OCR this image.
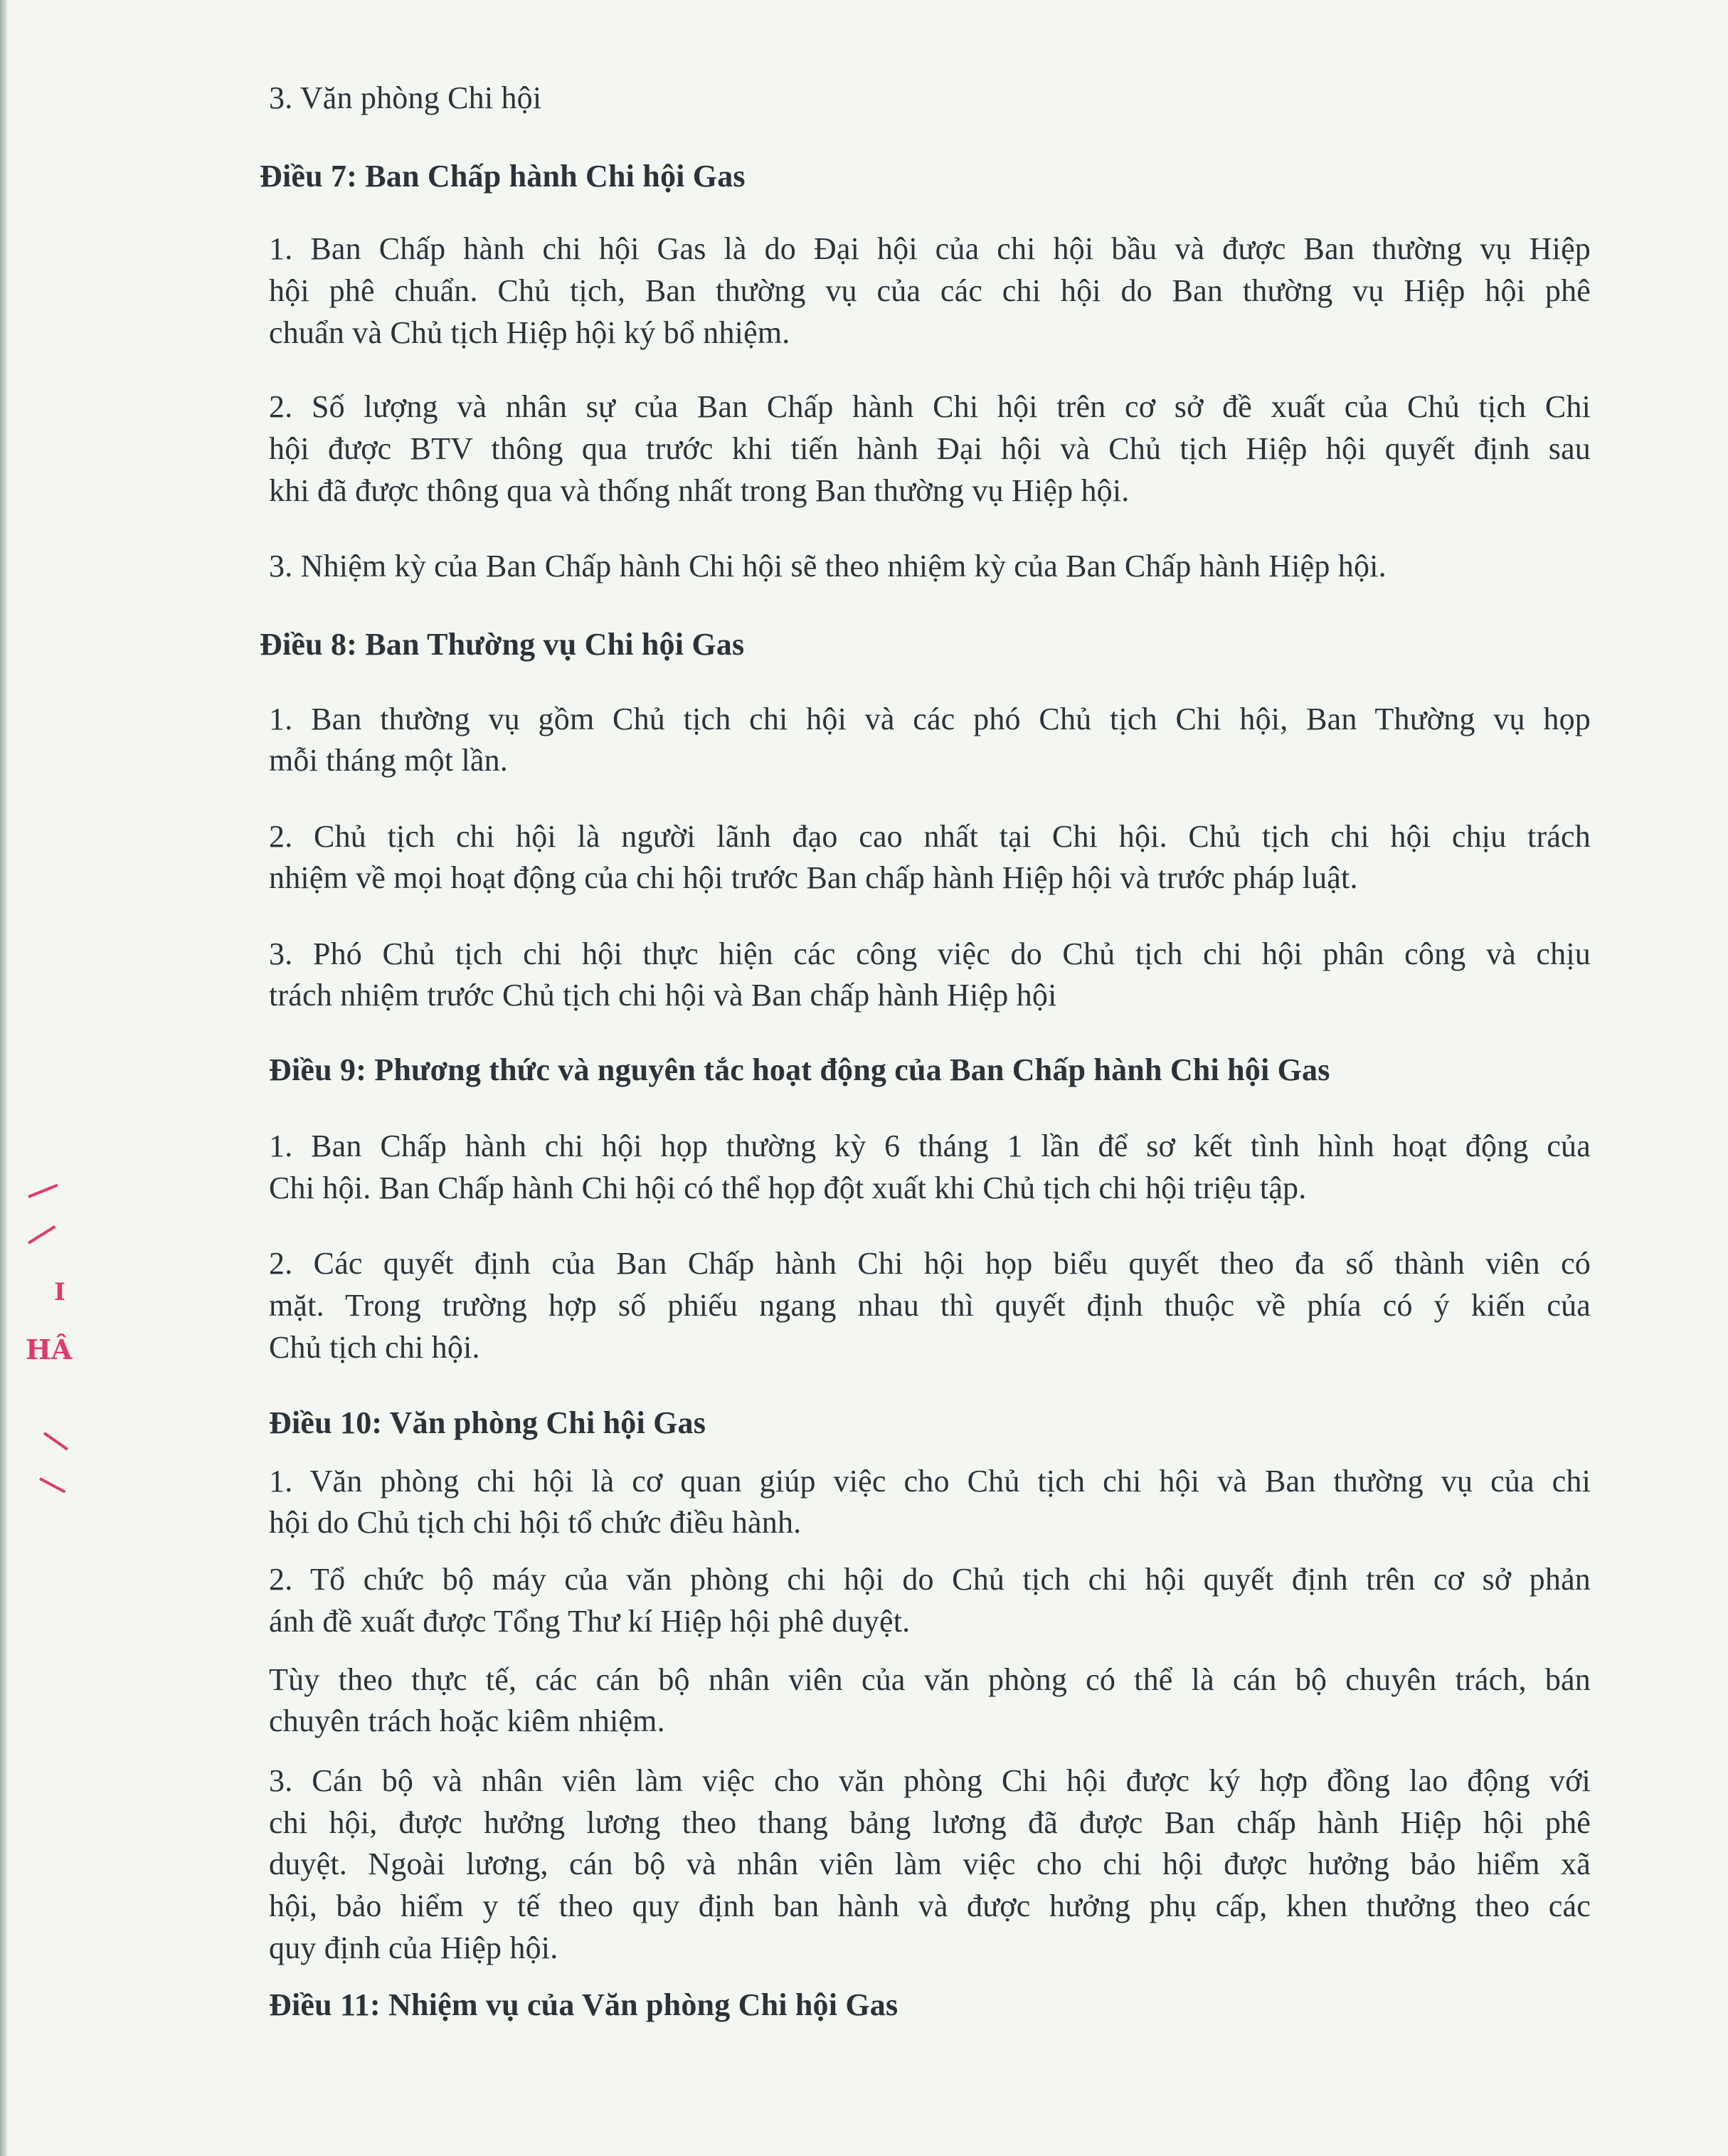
3. Văn phòng Chi hội
Điều 7: Ban Chấp hành Chi hội Gas
1. Ban Chấp hành chi hội Gas là do Đại hội của chi hội bầu và được Ban thường vụ Hiệp
hội phê chuẩn. Chủ tịch, Ban thường vụ của các chi hội do Ban thường vụ Hiệp hội phê
chuẩn và Chủ tịch Hiệp hội ký bổ nhiệm.
2. Số lượng và nhân sự của Ban Chấp hành Chi hội trên cơ sở đề xuất của Chủ tịch Chi
hội được BTV thông qua trước khi tiến hành Đại hội và Chủ tịch Hiệp hội quyết định sau
khi đã được thông qua và thống nhất trong Ban thường vụ Hiệp hội.
3. Nhiệm kỳ của Ban Chấp hành Chi hội sẽ theo nhiệm kỳ của Ban Chấp hành Hiệp hội.
Điều 8: Ban Thường vụ Chi hội Gas
1. Ban thường vụ gồm Chủ tịch chi hội và các phó Chủ tịch Chi hội, Ban Thường vụ họp
mỗi tháng một lần.
2. Chủ tịch chi hội là người lãnh đạo cao nhất tại Chi hội. Chủ tịch chi hội chịu trách
nhiệm về mọi hoạt động của chi hội trước Ban chấp hành Hiệp hội và trước pháp luật.
3. Phó Chủ tịch chi hội thực hiện các công việc do Chủ tịch chi hội phân công và chịu
trách nhiệm trước Chủ tịch chi hội và Ban chấp hành Hiệp hội
Điều 9: Phương thức và nguyên tắc hoạt động của Ban Chấp hành Chi hội Gas
1. Ban Chấp hành chi hội họp thường kỳ 6 tháng 1 lần để sơ kết tình hình hoạt động của
Chi hội. Ban Chấp hành Chi hội có thể họp đột xuất khi Chủ tịch chi hội triệu tập.
2. Các quyết định của Ban Chấp hành Chi hội họp biểu quyết theo đa số thành viên có
mặt. Trong trường hợp số phiếu ngang nhau thì quyết định thuộc về phía có ý kiến của
Chủ tịch chi hội.
Điều 10: Văn phòng Chi hội Gas
1. Văn phòng chi hội là cơ quan giúp việc cho Chủ tịch chi hội và Ban thường vụ của chi
hội do Chủ tịch chi hội tổ chức điều hành.
2. Tổ chức bộ máy của văn phòng chi hội do Chủ tịch chi hội quyết định trên cơ sở phản
ánh đề xuất được Tổng Thư kí Hiệp hội phê duyệt.
Tùy theo thực tế, các cán bộ nhân viên của văn phòng có thể là cán bộ chuyên trách, bán
chuyên trách hoặc kiêm nhiệm.
3. Cán bộ và nhân viên làm việc cho văn phòng Chi hội được ký hợp đồng lao động với
chi hội, được hưởng lương theo thang bảng lương đã được Ban chấp hành Hiệp hội phê
duyệt. Ngoài lương, cán bộ và nhân viên làm việc cho chi hội được hưởng bảo hiểm xã
hội, bảo hiểm y tế theo quy định ban hành và được hưởng phụ cấp, khen thưởng theo các
quy định của Hiệp hội.
Điều 11: Nhiệm vụ của Văn phòng Chi hội Gas
I
HÂ
